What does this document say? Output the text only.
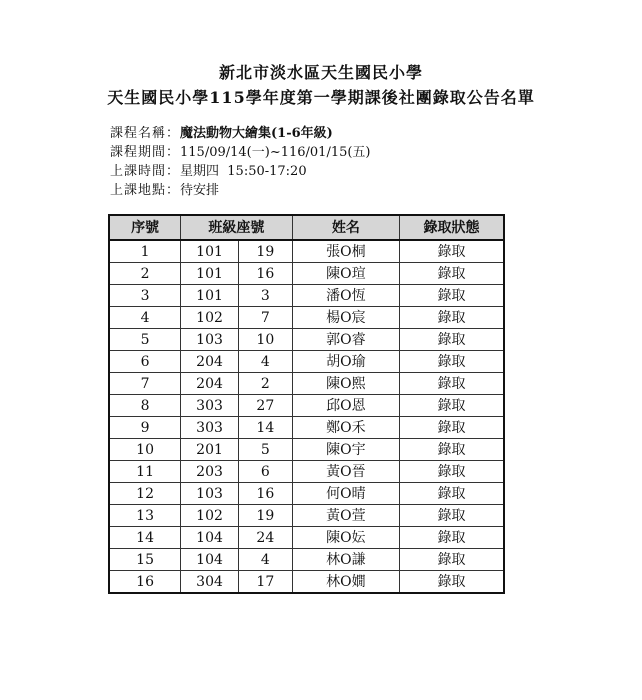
新北市淡水區天生國民小學
天生國民小學115學年度第一學期課後社團錄取公告名單
課程名稱：魔法動物大繪集(1-6年級)
課程期間：115/09/14(一)~116/01/15(五)
上課時間：星期四  15:50-17:20
上課地點：待安排
序號	班級座號		姓名	錄取狀態
1	101	19	張O桐	錄取
2	101	16	陳O瑄	錄取
3	101	3	潘O恆	錄取
4	102	7	楊O宸	錄取
5	103	10	郭O睿	錄取
6	204	4	胡O瑜	錄取
7	204	2	陳O熙	錄取
8	303	27	邱O恩	錄取
9	303	14	鄭O禾	錄取
10	201	5	陳O宇	錄取
11	203	6	黃O晉	錄取
12	103	16	何O晴	錄取
13	102	19	黃O萱	錄取
14	104	24	陳O妘	錄取
15	104	4	林O謙	錄取
16	304	17	林O嫺	錄取
